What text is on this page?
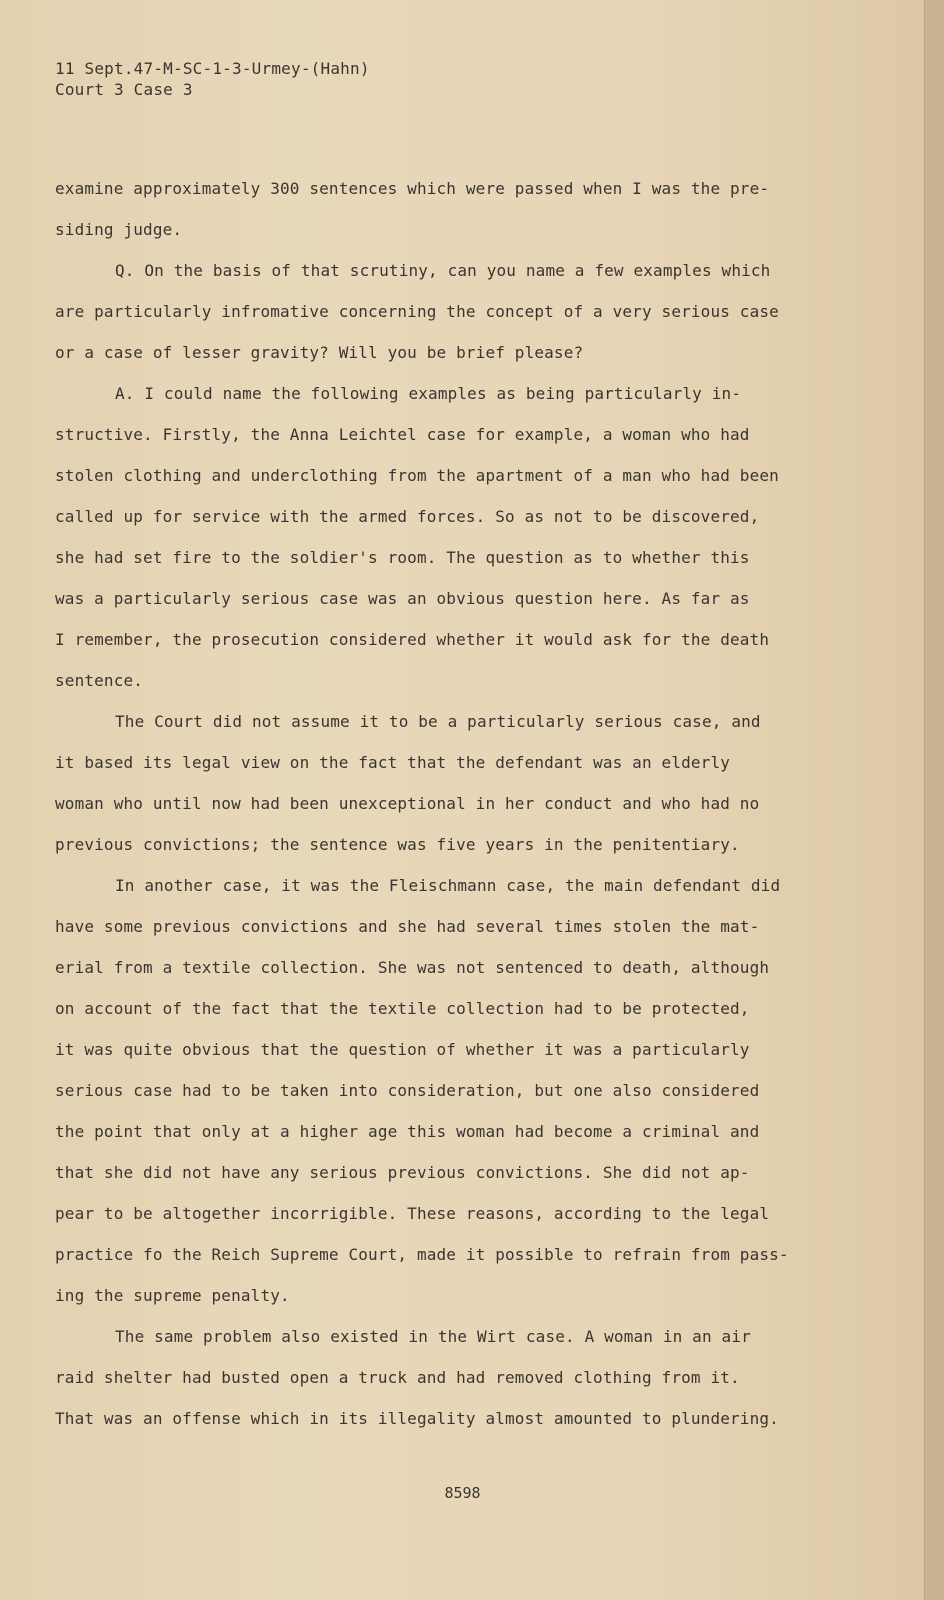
11 Sept.47-M-SC-1-3-Urmey-(Hahn)
Court 3 Case 3
examine approximately 300 sentences which were passed when I was the pre-
siding judge.
Q. On the basis of that scrutiny, can you name a few examples which
are particularly infromative concerning the concept of a very serious case
or a case of lesser gravity? Will you be brief please?
A. I could name the following examples as being particularly in-
structive. Firstly, the Anna Leichtel case for example, a woman who had
stolen clothing and underclothing from the apartment of a man who had been
called up for service with the armed forces. So as not to be discovered,
she had set fire to the soldier's room. The question as to whether this
was a particularly serious case was an obvious question here. As far as
I remember, the prosecution considered whether it would ask for the death
sentence.
The Court did not assume it to be a particularly serious case, and
it based its legal view on the fact that the defendant was an elderly
woman who until now had been unexceptional in her conduct and who had no
previous convictions; the sentence was five years in the penitentiary.
In another case, it was the Fleischmann case, the main defendant did
have some previous convictions and she had several times stolen the mat-
erial from a textile collection. She was not sentenced to death, although
on account of the fact that the textile collection had to be protected,
it was quite obvious that the question of whether it was a particularly
serious case had to be taken into consideration, but one also considered
the point that only at a higher age this woman had become a criminal and
that she did not have any serious previous convictions. She did not ap-
pear to be altogether incorrigible. These reasons, according to the legal
practice fo the Reich Supreme Court, made it possible to refrain from pass-
ing the supreme penalty.
The same problem also existed in the Wirt case. A woman in an air
raid shelter had busted open a truck and had removed clothing from it.
That was an offense which in its illegality almost amounted to plundering.
8598
